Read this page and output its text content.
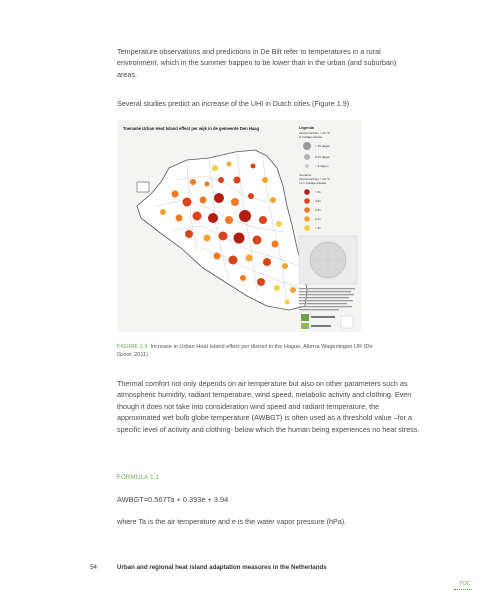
Temperature observations and predictions in De Bilt refer to temperatures in a rural environment, which in the summer happen to be lower than in the urban (and suburban) areas.

Several studies predict an increase of the UHI in Dutch cities (Figure 1.9).

Toename Urban Heat Island effect per wijk in de gemeente Den Haag	Legenda
Aantal nachten > 20 °C
in huidige situatie
> 15 dagen
8-15 dagen
< 8 dagen
Toename
Aantal nachten > 20 °C
t.o.v. huidige situatie
> 5x
4-5x
3-4x
2-3x
< 2x
FIGURE 1.9 Increase in Urban Heat Island effect per district in the Hague. Alterra Wageningen UR (De Groot, 2011).

Thermal comfort not only depends on air temperature but also on other parameters such as atmospheric humidity, radiant temperature, wind speed, metabolic activity and clothing. Even though it does not take into consideration wind speed and radiant temperature, the approximated wet bulb globe temperature (AWBGT) is often used as a threshold value –for a specific level of activity and clothing- below which the human being experiences no heat stress.

FORMULA 1.1
AWBGT=0.567Ta + 0.393e + 3.94
where Ta is the air temperature and e is the water vapor pressure (hPa).
54	Urban and regional heat island adaptation measures in the Netherlands
TOC
